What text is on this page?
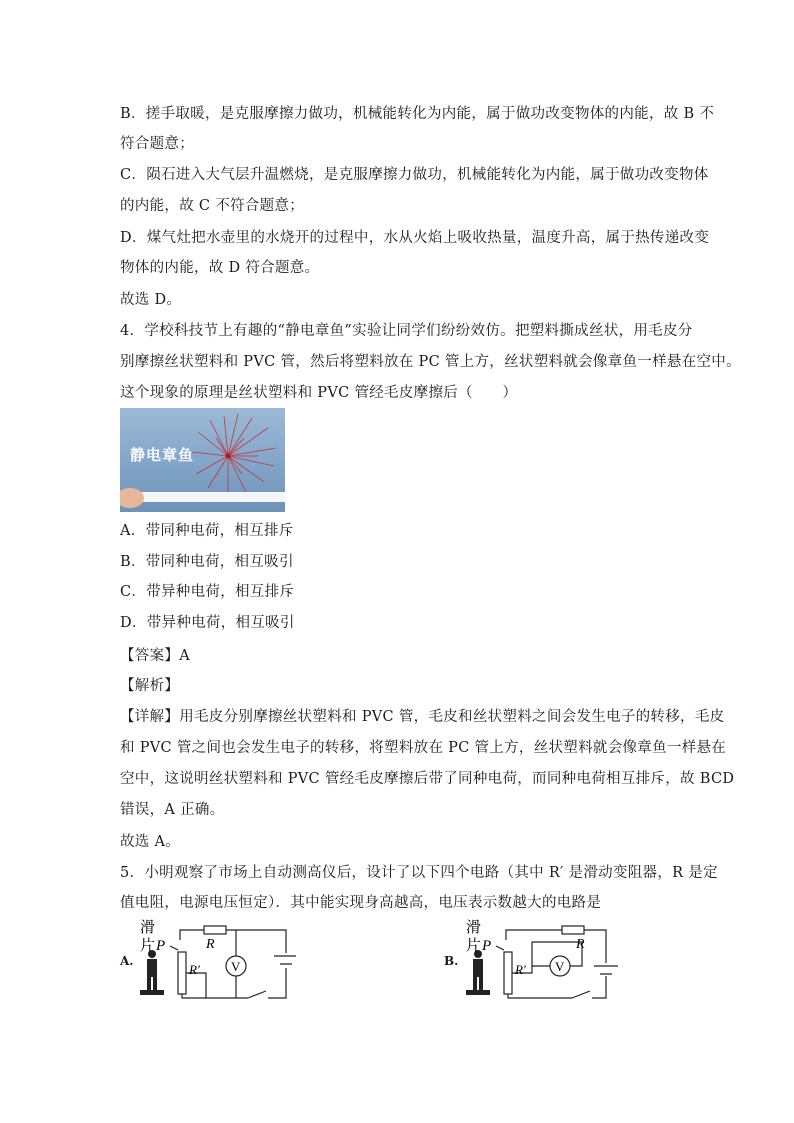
B．搓手取暖，是克服摩擦力做功，机械能转化为内能，属于做功改变物体的内能，故 B 不
符合题意；
C．陨石进入大气层升温燃烧，是克服摩擦力做功，机械能转化为内能，属于做功改变物体
的内能，故 C 不符合题意；
D．煤气灶把水壶里的水烧开的过程中，水从火焰上吸收热量，温度升高，属于热传递改变
物体的内能，故 D 符合题意。
故选 D。
4．学校科技节上有趣的“静电章鱼”实验让同学们纷纷效仿。把塑料撕成丝状，用毛皮分
别摩擦丝状塑料和 PVC 管，然后将塑料放在 PC 管上方，丝状塑料就会像章鱼一样悬在空中。
这个现象的原理是丝状塑料和 PVC 管经毛皮摩擦后（　　）
静电章鱼
A．带同种电荷，相互排斥
B．带同种电荷，相互吸引
C．带异种电荷，相互排斥
D．带异种电荷，相互吸引
【答案】A
【解析】
【详解】用毛皮分别摩擦丝状塑料和 PVC 管，毛皮和丝状塑料之间会发生电子的转移，毛皮
和 PVC 管之间也会发生电子的转移，将塑料放在 PC 管上方，丝状塑料就会像章鱼一样悬在
空中，这说明丝状塑料和 PVC 管经毛皮摩擦后带了同种电荷，而同种电荷相互排斥，故 BCD
错误，A 正确。
故选 A。
5．小明观察了市场上自动测高仪后，设计了以下四个电路（其中 R′ 是滑动变阻器，R 是定
值电阻，电源电压恒定）．其中能实现身高越高，电压表示数越大的电路是
A.
滑
片 P	R
R′ V	B.
滑
片 P	R
R′ V
